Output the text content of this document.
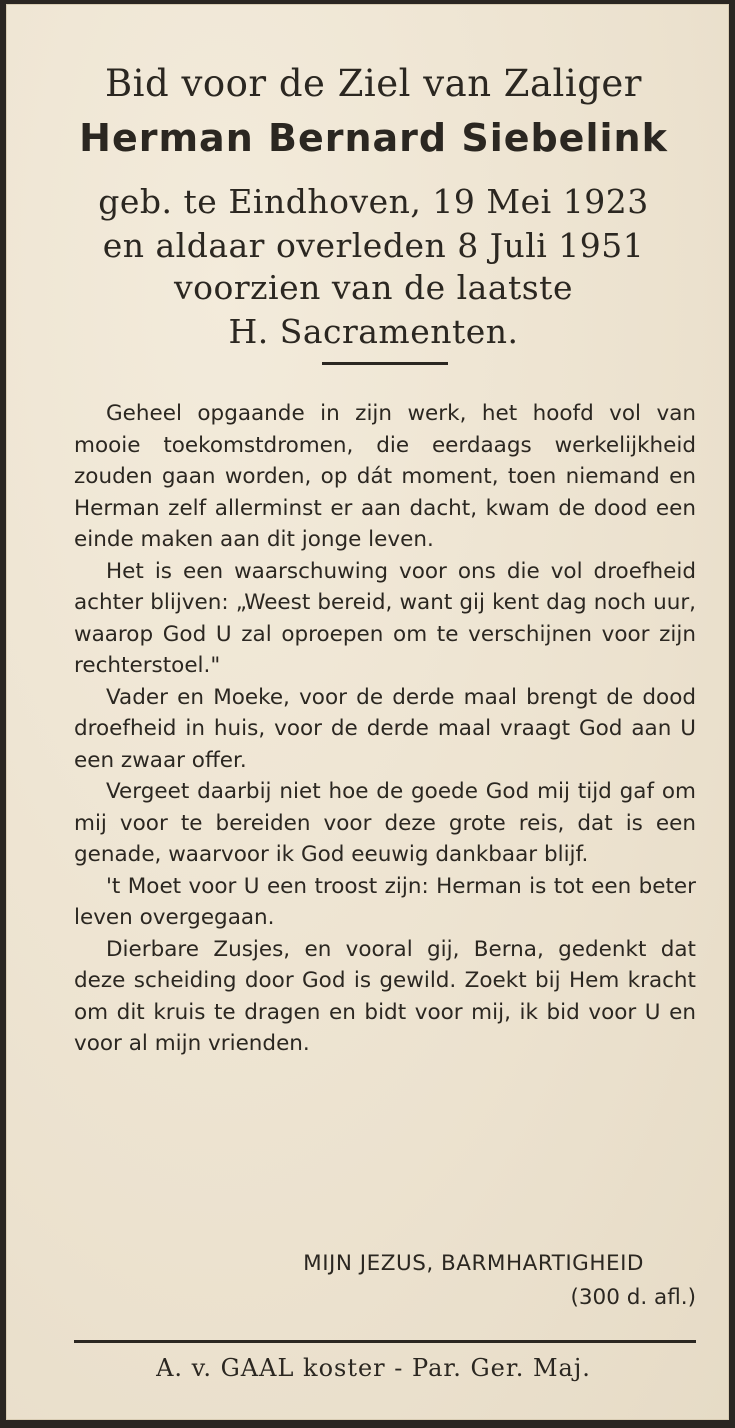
Bid voor de Ziel van Zaliger
Herman Bernard Siebelink
geb. te Eindhoven, 19 Mei 1923
en aldaar overleden 8 Juli 1951
voorzien van de laatste
H. Sacramenten.

Geheel opgaande in zijn werk, het hoofd vol van mooie toekomstdromen, die eerdaags werkelijkheid zouden gaan worden, op dát moment, toen niemand en Herman zelf allerminst er aan dacht, kwam de dood een einde maken aan dit jonge leven.

Het is een waarschuwing voor ons die vol droefheid achter blijven: „Weest bereid, want gij kent dag noch uur, waarop God U zal oproepen om te verschijnen voor zijn rechterstoel."

Vader en Moeke, voor de derde maal brengt de dood droefheid in huis, voor de derde maal vraagt God aan U een zwaar offer.

Vergeet daarbij niet hoe de goede God mij tijd gaf om mij voor te bereiden voor deze grote reis, dat is een genade, waarvoor ik God eeuwig dankbaar blijf.

't Moet voor U een troost zijn: Herman is tot een beter leven overgegaan.

Dierbare Zusjes, en vooral gij, Berna, gedenkt dat deze scheiding door God is gewild. Zoekt bij Hem kracht om dit kruis te dragen en bidt voor mij, ik bid voor U en voor al mijn vrienden.

MIJN JEZUS, BARMHARTIGHEID
(300 d. afl.)
A. v. GAAL koster - Par. Ger. Maj.
